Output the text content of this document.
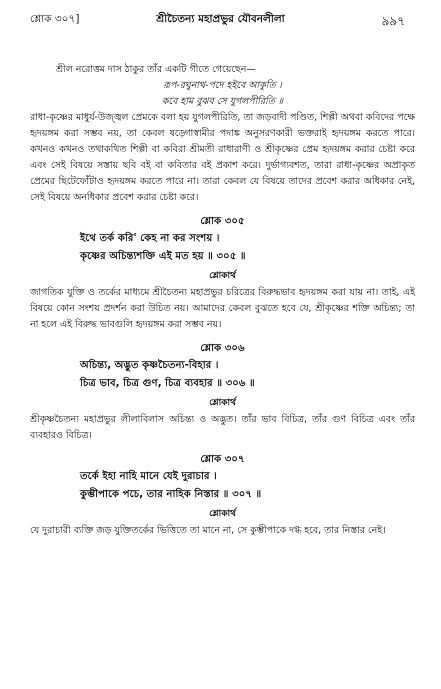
শ্লোক ৩০৭]	শ্রীচৈতন্য মহাপ্রভুর যৌবনলীলা	৯৯৭

শ্রীল নরোত্তম দাস ঠাকুর তাঁর একটি গীতে গেয়েছেন—

রূপ-রঘুনাথ-পদে হইবে আকুতি ।

কবে হাম বুঝব সে যুগলপীরিতি ॥

রাধা-কৃষ্ণের মাধুর্য-উজ্জ্বল প্রেমকে বলা হয় যুগলপীরিতি, তা জড়বাদী পণ্ডিত, শিল্পী অথবা কবিদের পক্ষে হৃদয়ঙ্গম করা সম্ভব নয়, তা কেবল ষড়্গোস্বামীর পদাঙ্ক অনুসরণকারী ভক্তরাই হৃদয়ঙ্গম করতে পারে। কখনও কখনও তথাকথিত শিল্পী বা কবিরা শ্রীমতী রাধারাণী ও শ্রীকৃষ্ণের প্রেম হৃদয়ঙ্গম করার চেষ্টা করে এবং সেই বিষয়ে সস্তায় ছবি বই বা কবিতার বই প্রকাশ করে। দুর্ভাগ্যবশত, তারা রাধা-কৃষ্ণের অপ্রাকৃত প্রেমের ছিটেফোঁটাও হৃদয়ঙ্গম করতে পারে না। তারা কেবল যে বিষয়ে তাদের প্রবেশ করার অধিকার নেই, সেই বিষয়ে অনধিকার প্রবেশ করার চেষ্টা করে।

শ্লোক ৩০৫

ইথে তর্ক করি' কেহ না কর সংশয় ।

কৃষ্ণের অচিন্ত্যশক্তি এই মত হয় ॥ ৩০৫ ॥

শ্লোকার্থ

জাগতিক যুক্তি ও তর্কের মাধ্যমে শ্রীচৈতন্য মহাপ্রভুর চরিত্রের বিরুদ্ধভাব হৃদয়ঙ্গম করা যায় না। তাই, এই বিষয়ে কোন সংশয় প্রদর্শন করা উচিত নয়। আমাদের কেবল বুঝতে হবে যে, শ্রীকৃষ্ণের শক্তি অচিন্ত্য; তা না হলে এই বিরুদ্ধ ভাবগুলি হৃদয়ঙ্গম করা সম্ভব নয়।

শ্লোক ৩০৬

অচিন্ত্য, অদ্ভুত কৃষ্ণচৈতন্য-বিহার ।

চিত্র ভাব, চিত্র গুণ, চিত্র ব্যবহার ॥ ৩০৬ ॥

শ্লোকার্থ

শ্রীকৃষ্ণচৈতন্য মহাপ্রভুর লীলাবিলাস অচিন্ত্য ও অদ্ভুত। তাঁর ভাব বিচিত্র, তাঁর গুণ বিচিত্র এবং তাঁর ব্যবহারও বিচিত্র।

শ্লোক ৩০৭

তর্কে ইহা নাহি মানে যেই দুরাচার ।

কুম্ভীপাকে পচে, তার নাহিক নিস্তার ॥ ৩০৭ ॥

শ্লোকার্থ

যে দুরাচারী ব্যক্তি জড় যুক্তিতর্কের ভিত্তিতে তা মানে না, সে কুম্ভীপাকে দগ্ধ হবে, তার নিস্তার নেই।
